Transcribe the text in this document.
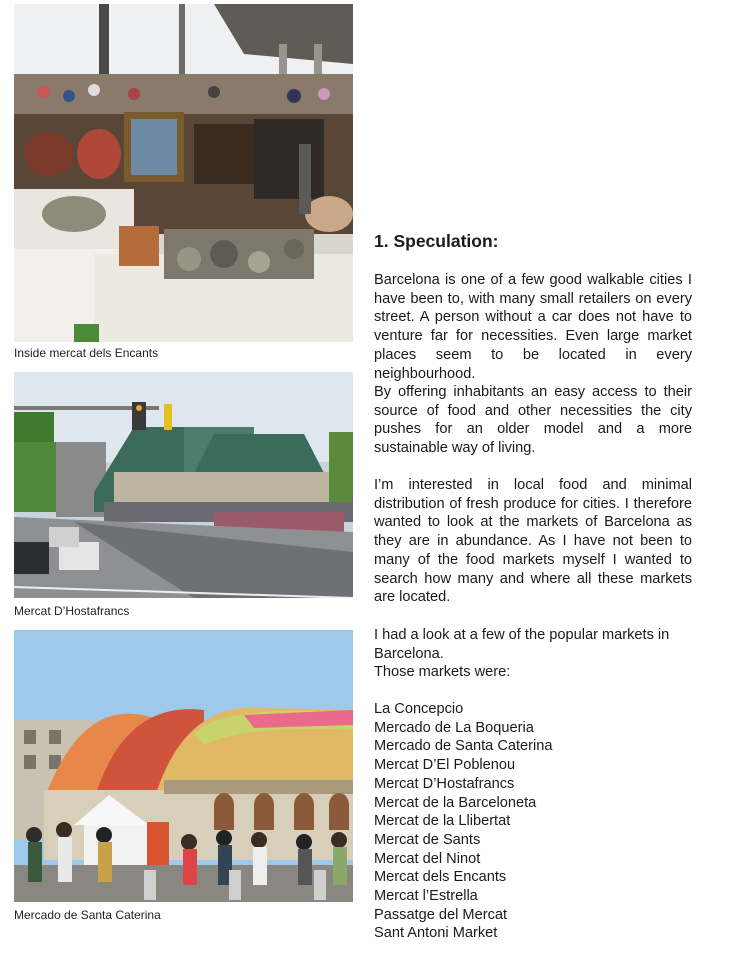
Inside mercat dels Encants
Mercat D’Hostafrancs
Mercado de Santa Caterina
1. Speculation:

Barcelona is one of a few good walkable cities I have been to, with many small retailers on every street. A person without a car does not have to venture far for necessities. Even large market places seem to be located in every neighbourhood.

By offering inhabitants an easy access to their source of food and other necessities the city pushes for an older model and a more sustainable way of living.

I’m interested in local food and minimal distribution of fresh produce for cities. I therefore wanted to look at the markets of Barcelona as they are in abundance. As I have not been to many of the food markets myself I wanted to search how many and where all these markets are located.

I had a look at a few of the popular markets in Barcelona.

Those markets were:

La Concepcio
Mercado de La Boqueria
Mercado de Santa Caterina
Mercat D’El Poblenou
Mercat D’Hostafrancs
Mercat de la Barceloneta
Mercat de la Llibertat
Mercat de Sants
Mercat del Ninot
Mercat dels Encants
Mercat l’Estrella
Passatge del Mercat
Sant Antoni Market
